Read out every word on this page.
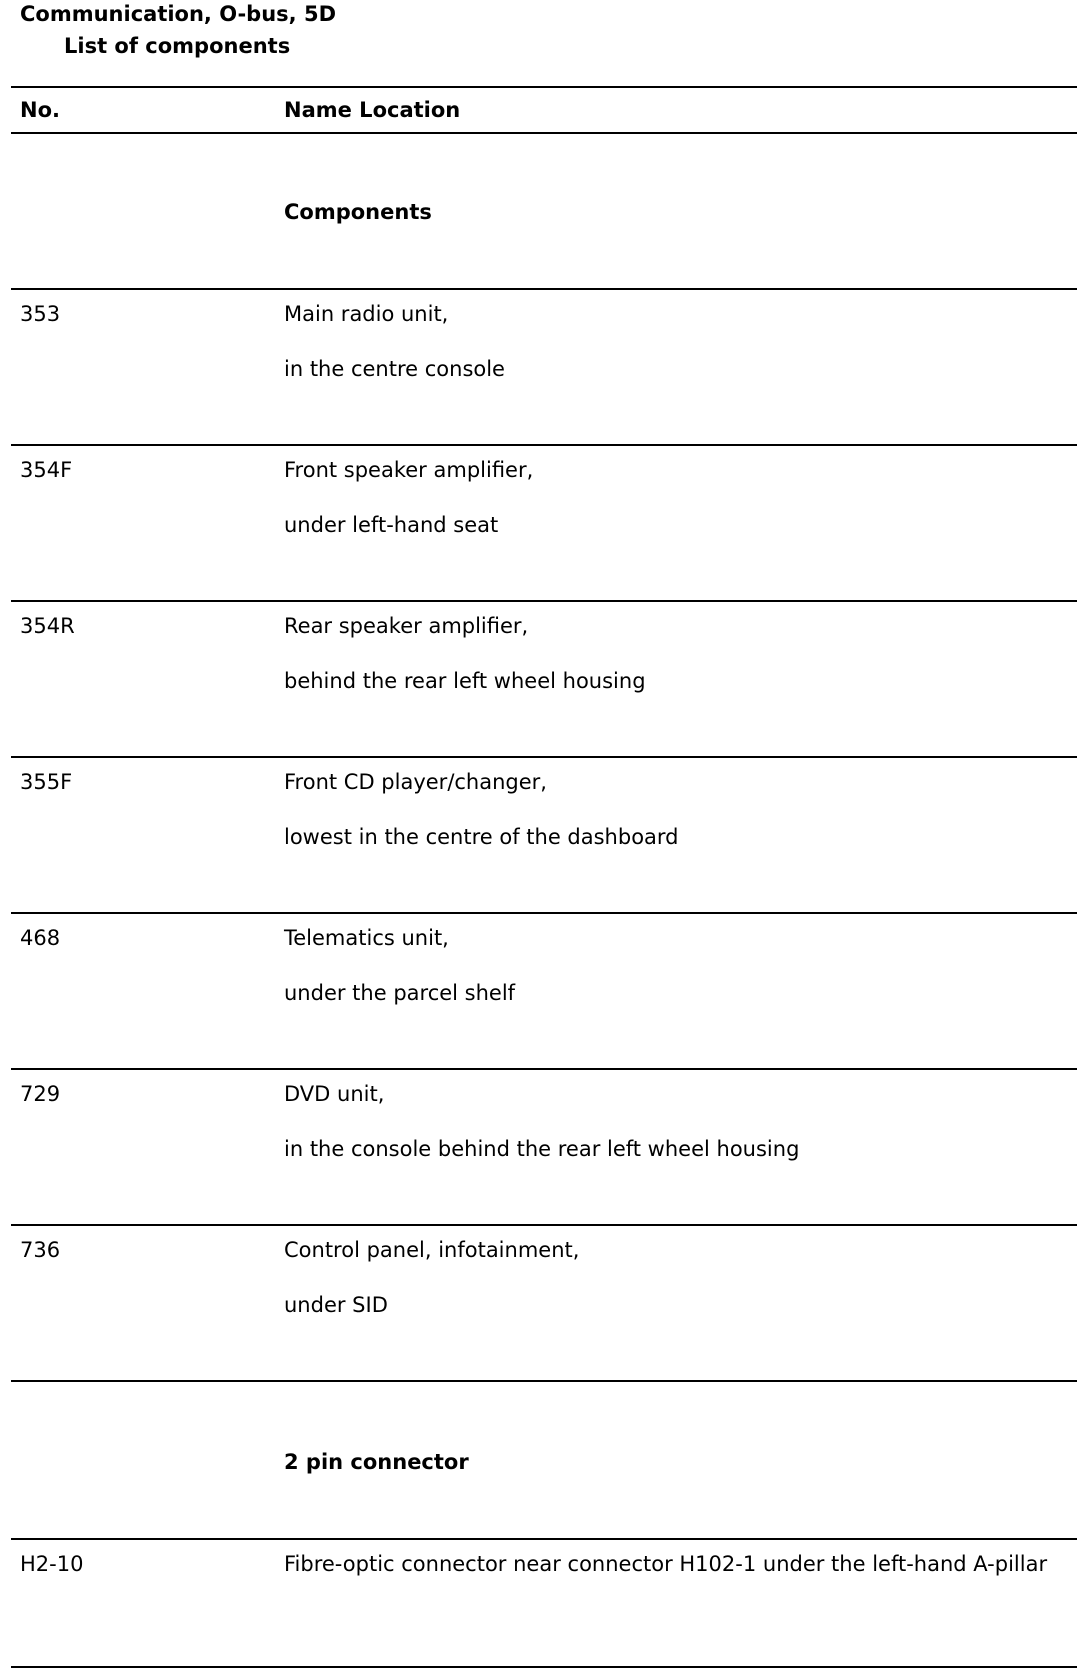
Communication, O-bus, 5D
List of components
No.	Name Location
Components
353	Main radio unit,
in the centre console
354F	Front speaker amplifier,
under left-hand seat
354R	Rear speaker amplifier,
behind the rear left wheel housing
355F	Front CD player/changer,
lowest in the centre of the dashboard
468	Telematics unit,
under the parcel shelf
729	DVD unit,
in the console behind the rear left wheel housing
736	Control panel, infotainment,
under SID
2 pin connector
H2-10	Fibre-optic connector near connector H102-1 under the left-hand A-pillar
